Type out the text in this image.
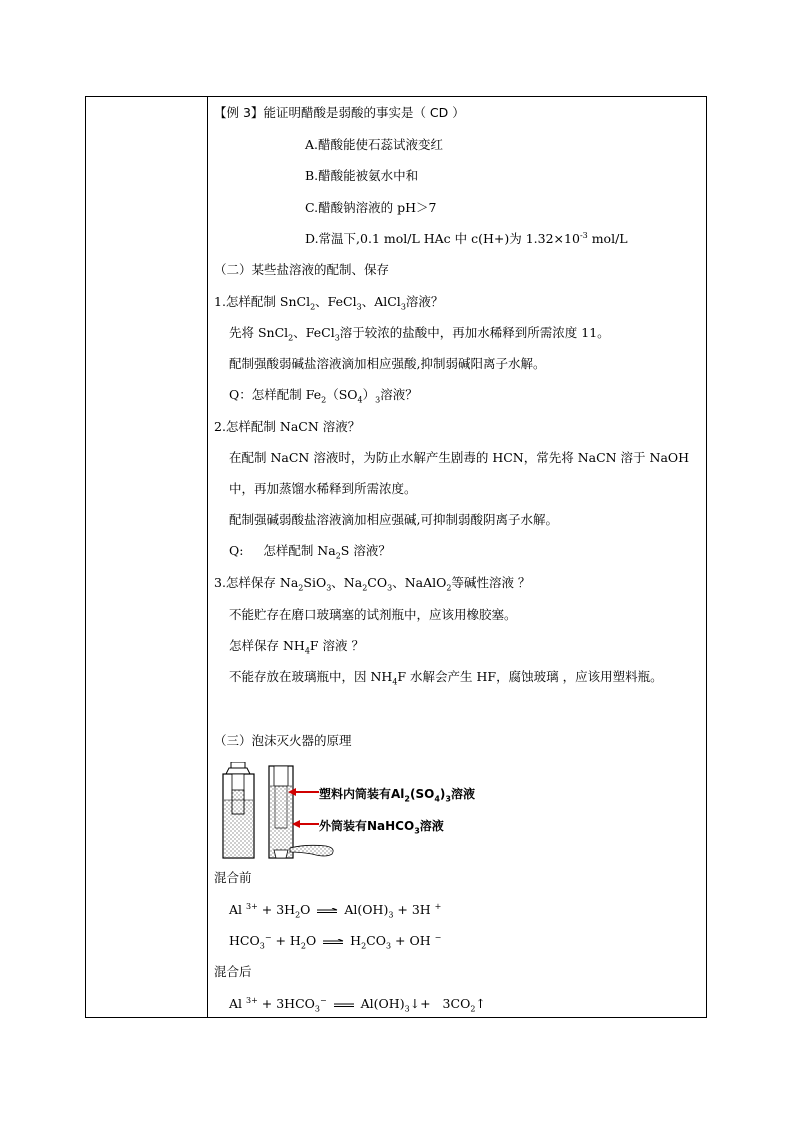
【例 3】能证明醋酸是弱酸的事实是（ CD ）
A.醋酸能使石蕊试液变红
B.醋酸能被氨水中和
C.醋酸钠溶液的 pH＞7
D.常温下,0.1 mol/L HAc 中 c(H+)为 $1.32\times 10^{-3}$ mol/L
（二）某些盐溶液的配制、保存
1.怎样配制 SnCl$_2$、FeCl$_3$、AlCl$_3$溶液？
先将 SnCl$_2$、FeCl$_3$溶于较浓的盐酸中，再加水稀释到所需浓度 11。
配制强酸弱碱盐溶液滴加相应强酸,抑制弱碱阳离子水解。
Q：怎样配制 $Fe_2(SO_4)_3$溶液？
2.怎样配制 NaCN 溶液？
在配制 NaCN 溶液时，为防止水解产生剧毒的 HCN，常先将 NaCN 溶于 NaOH
中，再加蒸馏水稀释到所需浓度。
配制强碱弱酸盐溶液滴加相应强碱,可抑制弱酸阴离子水解。
Q:     怎样配制 $Na_2S$ 溶液？
3.怎样保存 $Na_2SiO_3$、$Na_2CO_3$、NaAlO$_2$等碱性溶液 ？
不能贮存在磨口玻璃塞的试剂瓶中，应该用橡胶塞。
怎样保存 $NH_4F$ 溶液 ？
不能存放在玻璃瓶中，因 $NH_4F$ 水解会产生 HF，腐蚀玻璃 ，应该用塑料瓶。
（三）泡沫灭火器的原理
塑料内筒装有$Al_2(SO_4)_3$溶液
外筒装有NaHCO$_3$溶液
混合前
Al $^{3+} + 3H_2O$	$Al(OH)_3 + 3H$ +
$HCO_3^- + H_2O$	$H_2CO_3$ + OH −
混合后
Al $^{3+} + 3HCO_3^-$	$Al(OH)_3↓+$   $3CO_2↑$
